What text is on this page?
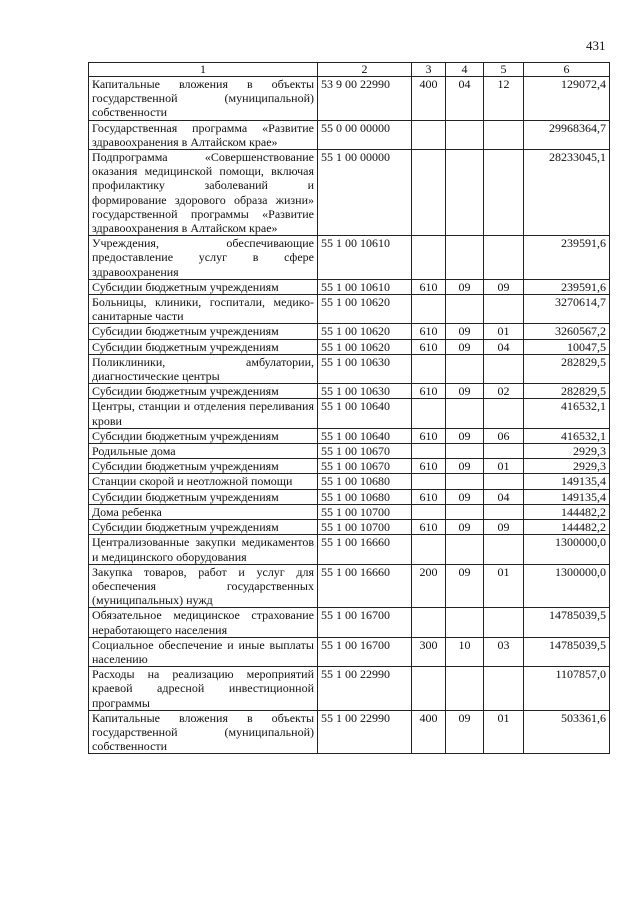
431
1	2	3	4	5	6
Капитальные вложения в объекты государственной (муниципальной) собственности	53 9 00 22990	400	04	12	129072,4
Государственная программа «Развитие здравоохранения в Алтайском крае»	55 0 00 00000				29968364,7
Подпрограмма «Совершенствование оказания медицинской помощи, включая профилактику заболеваний и формирование здорового образа жизни» государственной программы «Развитие здравоохранения в Алтайском крае»	55 1 00 00000				28233045,1
Учреждения, обеспечивающие предоставление услуг в сфере здравоохранения	55 1 00 10610				239591,6
Субсидии бюджетным учреждениям	55 1 00 10610	610	09	09	239591,6
Больницы, клиники, госпитали, медико-санитарные части	55 1 00 10620				3270614,7
Субсидии бюджетным учреждениям	55 1 00 10620	610	09	01	3260567,2
Субсидии бюджетным учреждениям	55 1 00 10620	610	09	04	10047,5
Поликлиники, амбулатории, диагностические центры	55 1 00 10630				282829,5
Субсидии бюджетным учреждениям	55 1 00 10630	610	09	02	282829,5
Центры, станции и отделения переливания крови	55 1 00 10640				416532,1
Субсидии бюджетным учреждениям	55 1 00 10640	610	09	06	416532,1
Родильные дома	55 1 00 10670				2929,3
Субсидии бюджетным учреждениям	55 1 00 10670	610	09	01	2929,3
Станции скорой и неотложной помощи	55 1 00 10680				149135,4
Субсидии бюджетным учреждениям	55 1 00 10680	610	09	04	149135,4
Дома ребенка	55 1 00 10700				144482,2
Субсидии бюджетным учреждениям	55 1 00 10700	610	09	09	144482,2
Централизованные закупки медикаментов и медицинского оборудования	55 1 00 16660				1300000,0
Закупка товаров, работ и услуг для обеспечения государственных (муниципальных) нужд	55 1 00 16660	200	09	01	1300000,0
Обязательное медицинское страхование неработающего населения	55 1 00 16700				14785039,5
Социальное обеспечение и иные выплаты населению	55 1 00 16700	300	10	03	14785039,5
Расходы на реализацию мероприятий краевой адресной инвестиционной программы	55 1 00 22990				1107857,0
Капитальные вложения в объекты государственной (муниципальной) собственности	55 1 00 22990	400	09	01	503361,6
